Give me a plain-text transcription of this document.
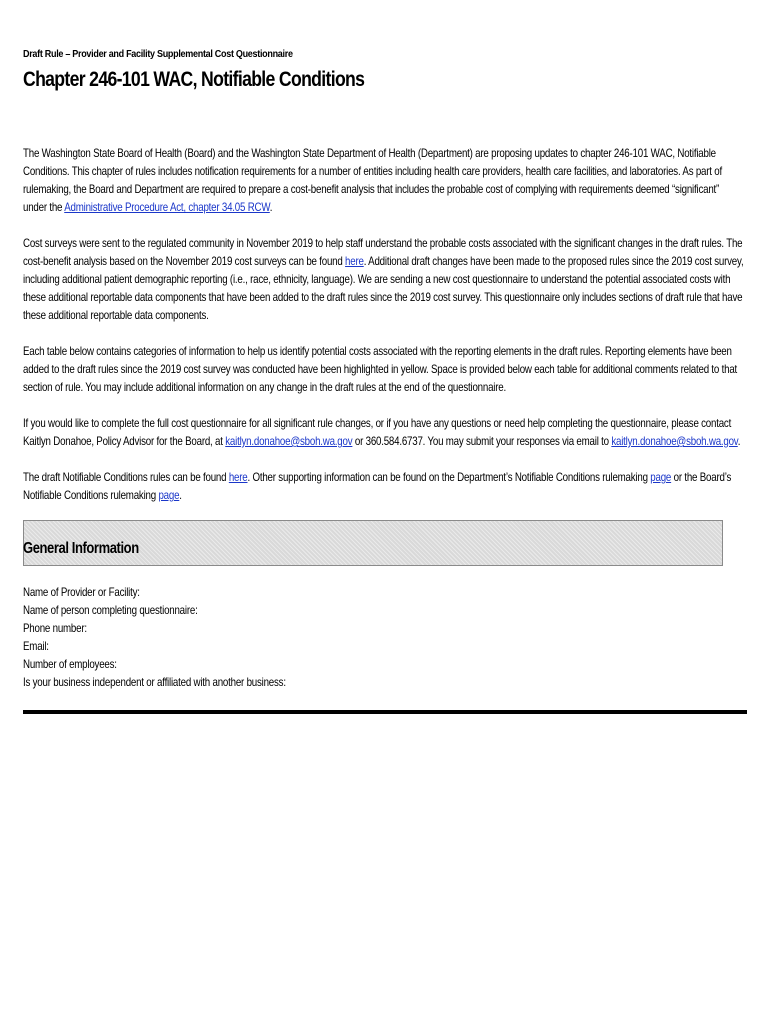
Draft Rule – Provider and Facility Supplemental Cost Questionnaire
Chapter 246-101 WAC, Notifiable Conditions

The Washington State Board of Health (Board) and the Washington State Department of Health (Department) are proposing updates to chapter 246-101 WAC, Notifiable Conditions. This chapter of rules includes notification requirements for a number of entities including health care providers, health care facilities, and laboratories. As part of rulemaking, the Board and Department are required to prepare a cost-benefit analysis that includes the probable cost of complying with requirements deemed “significant” under the Administrative Procedure Act, chapter 34.05 RCW.

Cost surveys were sent to the regulated community in November 2019 to help staff understand the probable costs associated with the significant changes in the draft rules. The cost-benefit analysis based on the November 2019 cost surveys can be found here. Additional draft changes have been made to the proposed rules since the 2019 cost survey, including additional patient demographic reporting (i.e., race, ethnicity, language). We are sending a new cost questionnaire to understand the potential associated costs with these additional reportable data components that have been added to the draft rules since the 2019 cost survey. This questionnaire only includes sections of draft rule that have these additional reportable data components.

Each table below contains categories of information to help us identify potential costs associated with the reporting elements in the draft rules. Reporting elements have been added to the draft rules since the 2019 cost survey was conducted have been highlighted in yellow. Space is provided below each table for additional comments related to that section of rule. You may include additional information on any change in the draft rules at the end of the questionnaire.

If you would like to complete the full cost questionnaire for all significant rule changes, or if you have any questions or need help completing the questionnaire, please contact Kaitlyn Donahoe, Policy Advisor for the Board, at kaitlyn.donahoe@sboh.wa.gov or 360.584.6737. You may submit your responses via email to kaitlyn.donahoe@sboh.wa.gov.

The draft Notifiable Conditions rules can be found here. Other supporting information can be found on the Department’s Notifiable Conditions rulemaking page or the Board’s Notifiable Conditions rulemaking page.

General Information
Name of Provider or Facility:
Name of person completing questionnaire:
Phone number:
Email:
Number of employees:
Is your business independent or affiliated with another business:
